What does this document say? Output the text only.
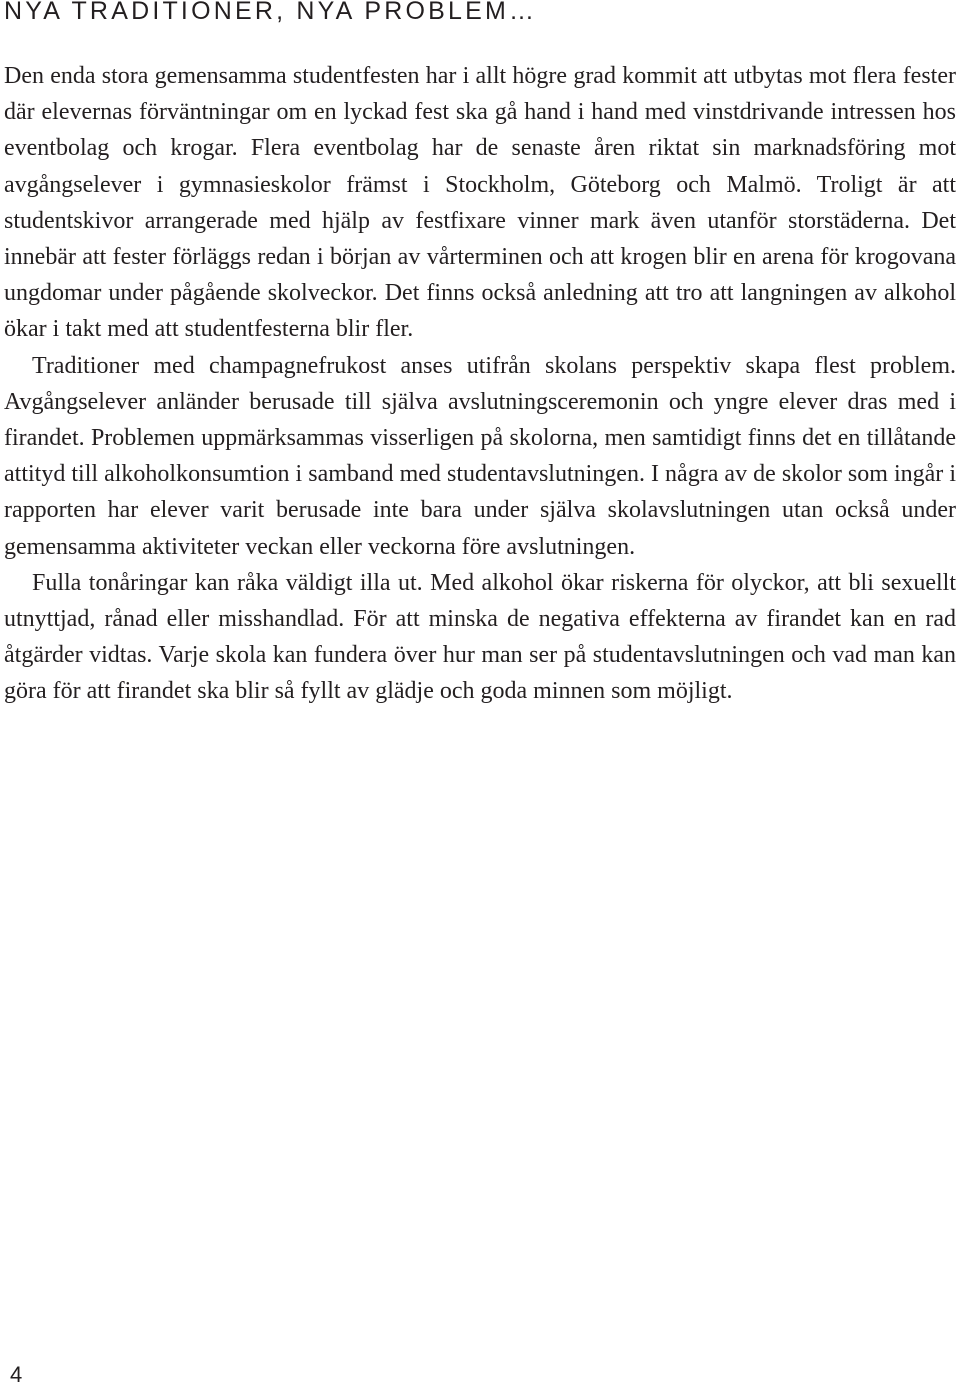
NYA TRADITIONER, NYA PROBLEM…

Den enda stora gemensamma studentfesten har i allt högre grad kommit att utbytas mot flera fester där elevernas förväntningar om en lyckad fest ska gå hand i hand med vinstdrivande intressen hos eventbolag och krogar. Flera eventbolag har de senaste åren riktat sin marknadsföring mot avgångselever i gymnasieskolor främst i Stockholm, Göteborg och Malmö. Troligt är att studentskivor arrangerade med hjälp av festfixare vinner mark även utanför storstäderna. Det innebär att fester förläggs redan i början av vårterminen och att krogen blir en arena för krogovana ungdomar under pågående skolveckor. Det finns också anledning att tro att langningen av alkohol ökar i takt med att studentfesterna blir fler.

Traditioner med champagnefrukost anses utifrån skolans perspektiv skapa flest problem. Avgångselever anländer berusade till själva avslutningsceremonin och yngre elever dras med i firandet. Problemen uppmärksammas visserligen på skolorna, men samtidigt finns det en tillåtande attityd till alkoholkonsumtion i samband med studentavslutningen. I några av de skolor som ingår i rapporten har elever varit berusade inte bara under själva skolavslutningen utan också under gemensamma aktiviteter veckan eller veckorna före avslutningen.

Fulla tonåringar kan råka väldigt illa ut. Med alkohol ökar riskerna för olyckor, att bli sexuellt utnyttjad, rånad eller misshandlad. För att minska de negativa effekterna av firandet kan en rad åtgärder vidtas. Varje skola kan fundera över hur man ser på studentavslutningen och vad man kan göra för att firandet ska blir så fyllt av glädje och goda minnen som möjligt.

4
